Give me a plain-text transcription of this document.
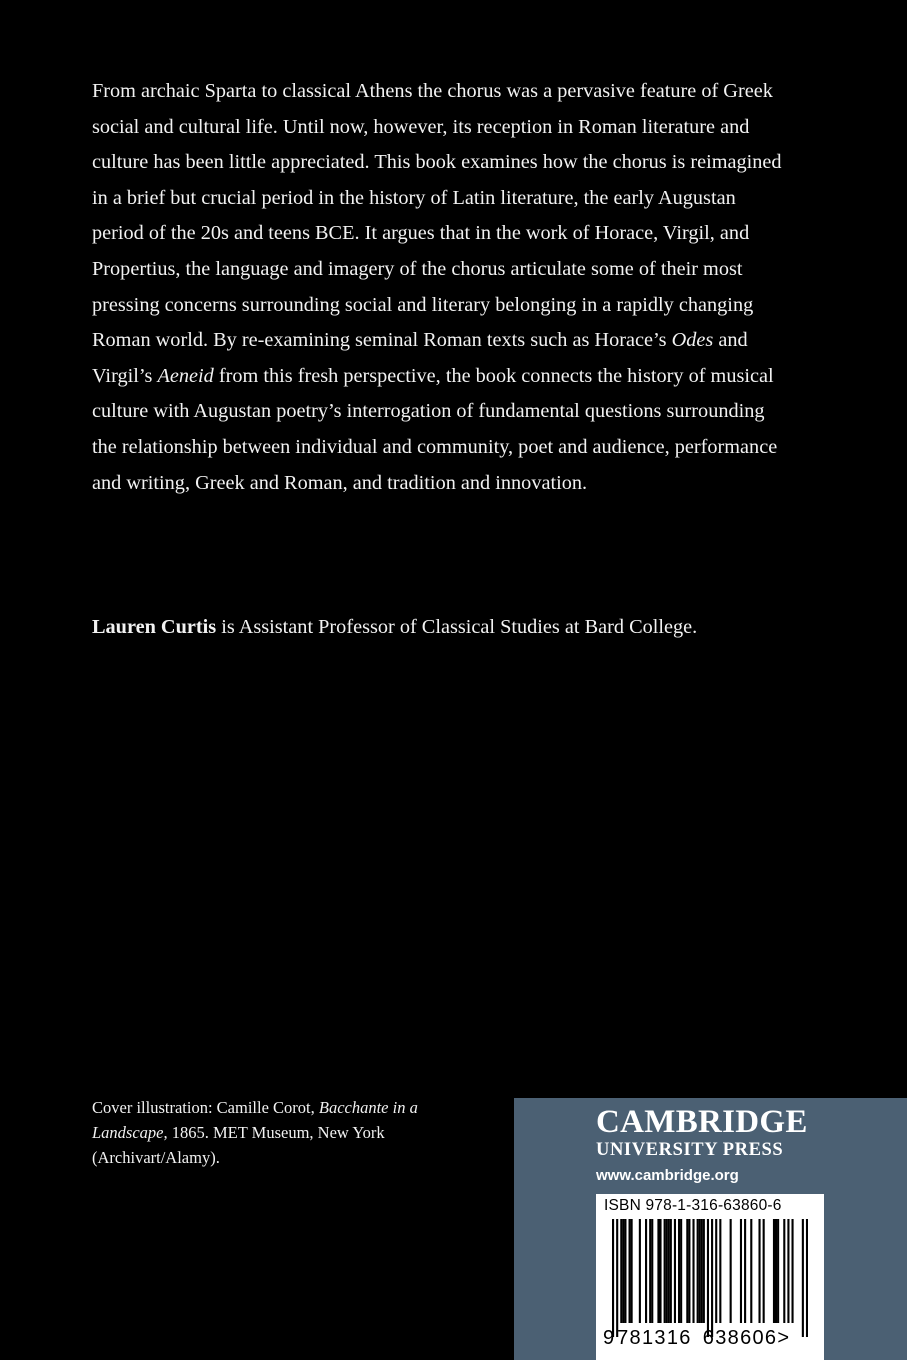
From archaic Sparta to classical Athens the chorus was a pervasive feature of Greek social and cultural life. Until now, however, its reception in Roman literature and culture has been little appreciated. This book examines how the chorus is reimagined in a brief but crucial period in the history of Latin literature, the early Augustan period of the 20s and teens BCE. It argues that in the work of Horace, Virgil, and Propertius, the language and imagery of the chorus articulate some of their most pressing concerns surrounding social and literary belonging in a rapidly changing Roman world. By re-examining seminal Roman texts such as Horace’s Odes and Virgil’s Aeneid from this fresh perspective, the book connects the history of musical culture with Augustan poetry’s interrogation of fundamental questions surrounding the relationship between individual and community, poet and audience, performance and writing, Greek and Roman, and tradition and innovation.

Lauren Curtis is Assistant Professor of Classical Studies at Bard College.

Cover illustration: Camille Corot, Bacchante in a Landscape, 1865. MET Museum, New York (Archivart/Alamy).

CAMBRIDGE
UNIVERSITY PRESS
www.cambridge.org
ISBN 978-1-316-63860-6
9 781316 638606>
